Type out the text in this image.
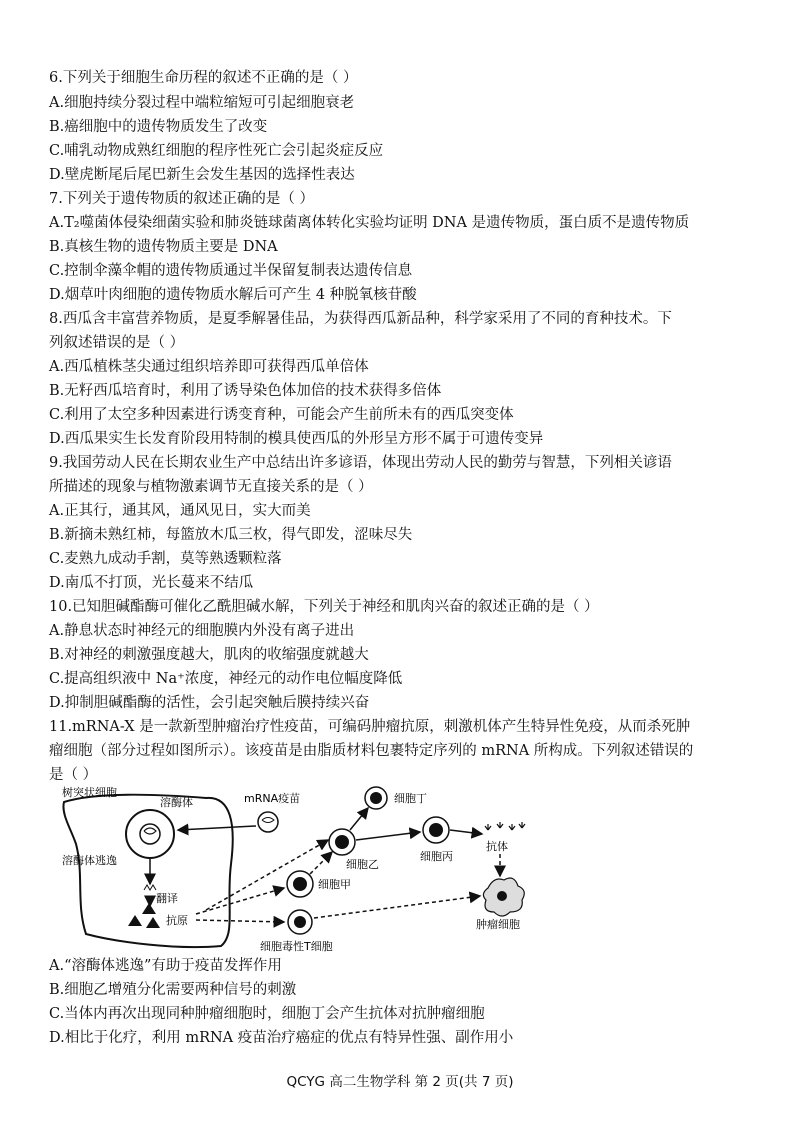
6.下列关于细胞生命历程的叙述不正确的是（ ）
A.细胞持续分裂过程中端粒缩短可引起细胞衰老
B.癌细胞中的遗传物质发生了改变
C.哺乳动物成熟红细胞的程序性死亡会引起炎症反应
D.壁虎断尾后尾巴新生会发生基因的选择性表达
7.下列关于遗传物质的叙述正确的是（ ）
A.T₂噬菌体侵染细菌实验和肺炎链球菌离体转化实验均证明 DNA 是遗传物质，蛋白质不是遗传物质
B.真核生物的遗传物质主要是 DNA
C.控制伞藻伞帽的遗传物质通过半保留复制表达遗传信息
D.烟草叶肉细胞的遗传物质水解后可产生 4 种脱氧核苷酸
8.西瓜含丰富营养物质，是夏季解暑佳品，为获得西瓜新品种，科学家采用了不同的育种技术。下
列叙述错误的是（ ）
A.西瓜植株茎尖通过组织培养即可获得西瓜单倍体
B.无籽西瓜培育时，利用了诱导染色体加倍的技术获得多倍体
C.利用了太空多种因素进行诱变育种，可能会产生前所未有的西瓜突变体
D.西瓜果实生长发育阶段用特制的模具使西瓜的外形呈方形不属于可遗传变异
9.我国劳动人民在长期农业生产中总结出许多谚语，体现出劳动人民的勤劳与智慧，下列相关谚语
所描述的现象与植物激素调节无直接关系的是（ ）
A.正其行，通其风，通风见日，实大而美
B.新摘未熟红柿，每篮放木瓜三枚，得气即发，涩味尽失
C.麦熟九成动手割，莫等熟透颗粒落
D.南瓜不打顶，光长蔓来不结瓜
10.已知胆碱酯酶可催化乙酰胆碱水解，下列关于神经和肌肉兴奋的叙述正确的是（ ）
A.静息状态时神经元的细胞膜内外没有离子进出
B.对神经的刺激强度越大，肌肉的收缩强度就越大
C.提高组织液中 Na⁺浓度，神经元的动作电位幅度降低
D.抑制胆碱酯酶的活性，会引起突触后膜持续兴奋
11.mRNA-X 是一款新型肿瘤治疗性疫苗，可编码肿瘤抗原，刺激机体产生特异性免疫，从而杀死肿
瘤细胞（部分过程如图所示）。该疫苗是由脂质材料包裹特定序列的 mRNA 所构成。下列叙述错误的
是（ ）
树突状细胞
溶酶体	mRNA疫苗
溶酶体逃逸
翻译
抗原
细胞甲
细胞乙
细胞丁
细胞丙
抗体
肿瘤细胞
细胞毒性T细胞
A.“溶酶体逃逸”有助于疫苗发挥作用
B.细胞乙增殖分化需要两种信号的刺激
C.当体内再次出现同种肿瘤细胞时，细胞丁会产生抗体对抗肿瘤细胞
D.相比于化疗，利用 mRNA 疫苗治疗癌症的优点有特异性强、副作用小
QCYG 高二生物学科 第 2 页(共 7 页)
